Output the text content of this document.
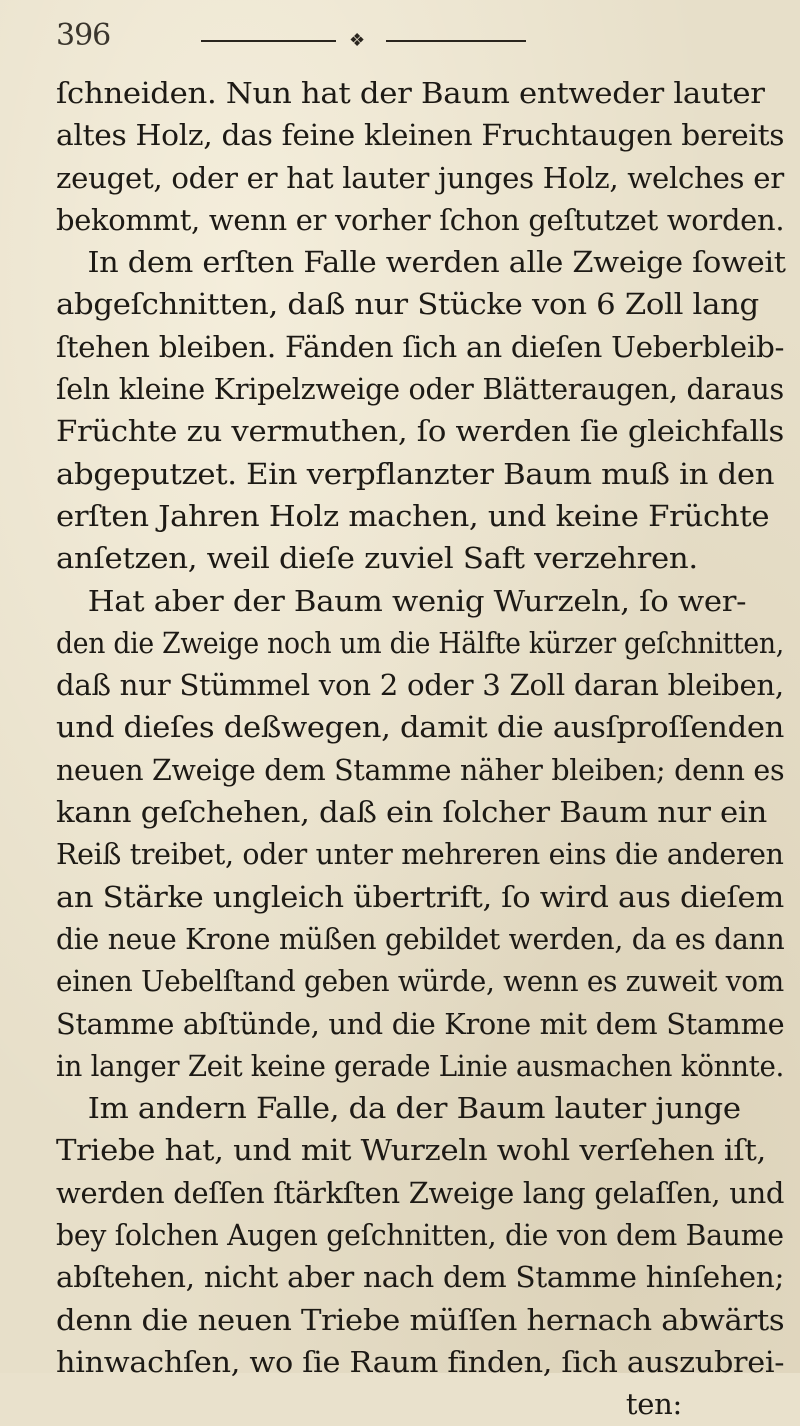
396	❖
ſchneiden. Nun hat der Baum entweder lauter
altes Holz, das feine kleinen Fruchtaugen bereits
zeuget, oder er hat lauter junges Holz, welches er
bekommt, wenn er vorher ſchon geſtutzet worden.
In dem erſten Falle werden alle Zweige ſoweit
abgeſchnitten, daß nur Stücke von 6 Zoll lang
ſtehen bleiben. Fänden ſich an dieſen Ueberbleib-
ſeln kleine Kripelzweige oder Blätteraugen, daraus
Früchte zu vermuthen, ſo werden ſie gleichfalls
abgeputzet. Ein verpflanzter Baum muß in den
erſten Jahren Holz machen, und keine Früchte
anſetzen, weil dieſe zuviel Saft verzehren.
Hat aber der Baum wenig Wurzeln, ſo wer-
den die Zweige noch um die Hälfte kürzer geſchnitten,
daß nur Stümmel von 2 oder 3 Zoll daran bleiben,
und dieſes deßwegen, damit die ausſproſſenden
neuen Zweige dem Stamme näher bleiben; denn es
kann geſchehen, daß ein ſolcher Baum nur ein
Reiß treibet, oder unter mehreren eins die anderen
an Stärke ungleich übertrift, ſo wird aus dieſem
die neue Krone müßen gebildet werden, da es dann
einen Uebelſtand geben würde, wenn es zuweit vom
Stamme abſtünde, und die Krone mit dem Stamme
in langer Zeit keine gerade Linie ausmachen könnte.
Im andern Falle, da der Baum lauter junge
Triebe hat, und mit Wurzeln wohl verſehen iſt,
werden deſſen ſtärkſten Zweige lang gelaſſen, und
bey ſolchen Augen geſchnitten, die von dem Baume
abſtehen, nicht aber nach dem Stamme hinſehen;
denn die neuen Triebe müſſen hernach abwärts
hinwachſen, wo ſie Raum finden, ſich auszubrei-
ten:
